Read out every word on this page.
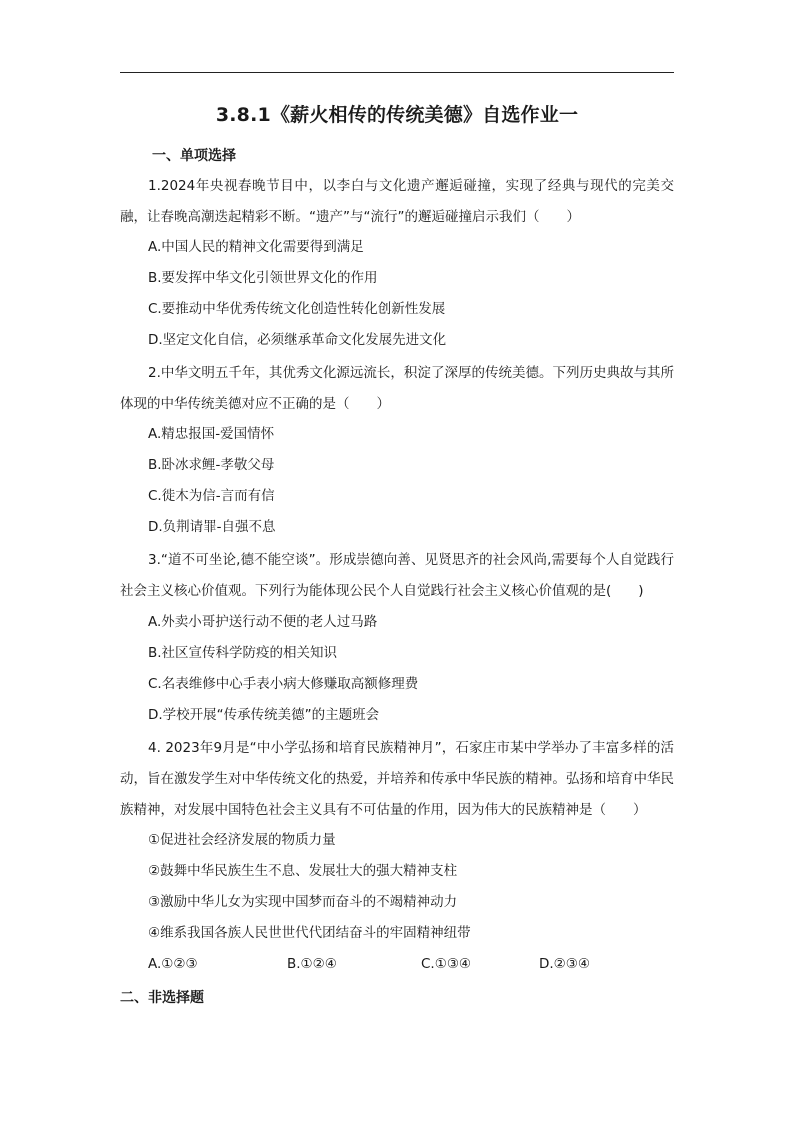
3.8.1《薪火相传的传统美德》自选作业一
一、单项选择
1.2024年央视春晚节目中，以李白与文化遗产邂逅碰撞，实现了经典与现代的完美交融，让春晚高潮迭起精彩不断。“遗产”与“流行”的邂逅碰撞启示我们（　　）
A.中国人民的精神文化需要得到满足
B.要发挥中华文化引领世界文化的作用
C.要推动中华优秀传统文化创造性转化创新性发展
D.坚定文化自信，必须继承革命文化发展先进文化
2.中华文明五千年，其优秀文化源远流长，积淀了深厚的传统美德。下列历史典故与其所体现的中华传统美德对应不正确的是（　　）
A.精忠报国-爱国情怀
B.卧冰求鲤-孝敬父母
C.徙木为信-言而有信
D.负荆请罪-自强不息
3.“道不可坐论,德不能空谈”。形成崇德向善、见贤思齐的社会风尚,需要每个人自觉践行社会主义核心价值观。下列行为能体现公民个人自觉践行社会主义核心价值观的是(　　)
A.外卖小哥护送行动不便的老人过马路
B.社区宣传科学防疫的相关知识
C.名表维修中心手表小病大修赚取高额修理费
D.学校开展“传承传统美德”的主题班会
4. 2023年9月是“中小学弘扬和培育民族精神月”，石家庄市某中学举办了丰富多样的活动，旨在激发学生对中华传统文化的热爱，并培养和传承中华民族的精神。弘扬和培育中华民族精神，对发展中国特色社会主义具有不可估量的作用，因为伟大的民族精神是（　　）
①促进社会经济发展的物质力量
②鼓舞中华民族生生不息、发展壮大的强大精神支柱
③激励中华儿女为实现中国梦而奋斗的不竭精神动力
④维系我国各族人民世世代代团结奋斗的牢固精神纽带
A.①②③	B.①②④	C.①③④	D.②③④
二、非选择题
